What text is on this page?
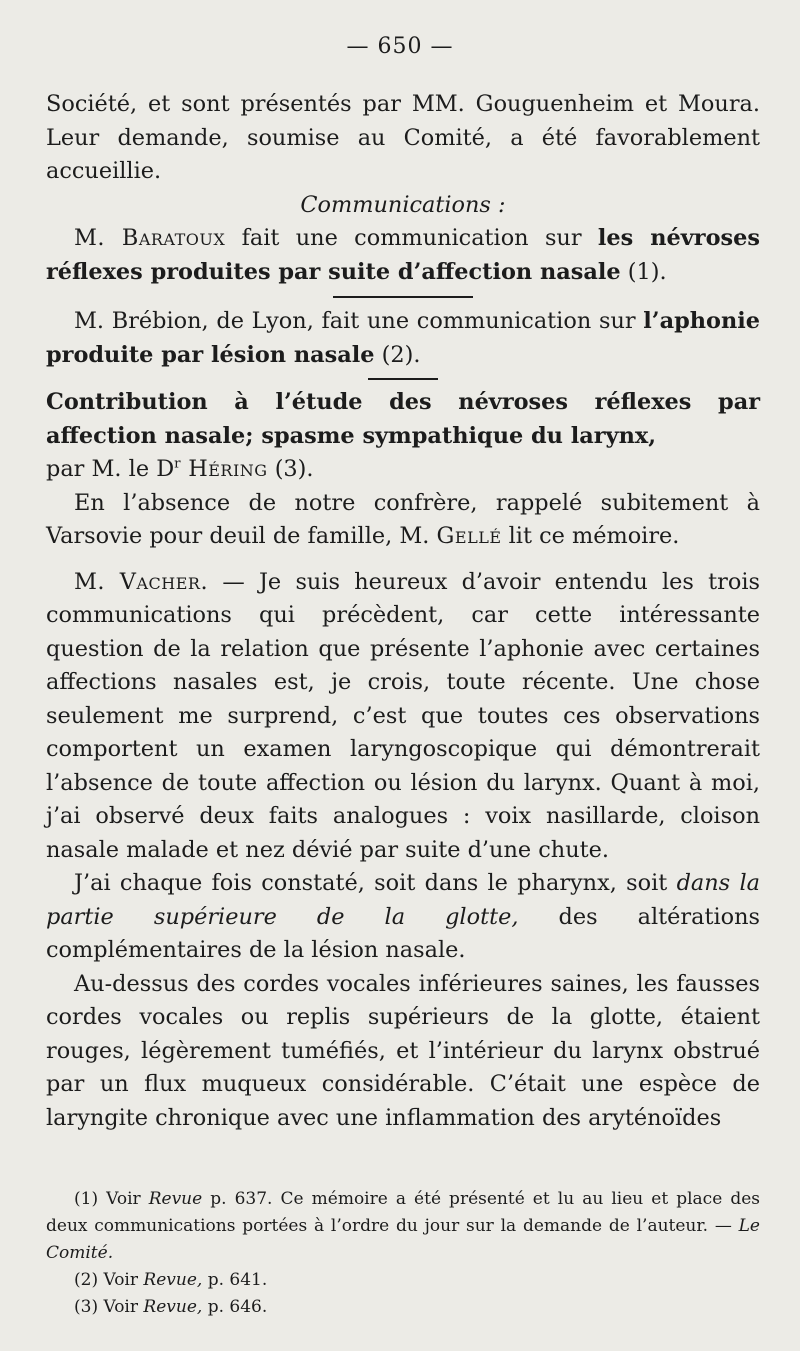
— 650 —

Société, et sont présentés par MM. Gouguenheim et Moura. Leur demande, soumise au Comité, a été favorablement accueillie.

Communications :

M. Baratoux fait une communication sur les névroses réflexes produites par suite d’affection nasale (1).

M. Brébion, de Lyon, fait une communication sur l’aphonie produite par lésion nasale (2).

Contribution à l’étude des névroses réflexes par affection nasale; spasme sympathique du larynx,

par M. le $D^r$ Héring (3).

En l’absence de notre confrère, rappelé subitement à Varsovie pour deuil de famille, M. Gellé lit ce mémoire.

M. Vacher. — Je suis heureux d’avoir entendu les trois communications qui précèdent, car cette intéressante question de la relation que présente l’aphonie avec certaines affections nasales est, je crois, toute récente. Une chose seulement me surprend, c’est que toutes ces observations comportent un examen laryngoscopique qui démontrerait l’absence de toute affection ou lésion du larynx. Quant à moi, j’ai observé deux faits analogues : voix nasillarde, cloison nasale malade et nez dévié par suite d’une chute.

J’ai chaque fois constaté, soit dans le pharynx, soit dans la partie supérieure de la glotte, des altérations complémentaires de la lésion nasale.

Au-dessus des cordes vocales inférieures saines, les fausses cordes vocales ou replis supérieurs de la glotte, étaient rouges, légèrement tuméfiés, et l’intérieur du larynx obstrué par un flux muqueux considérable. C’était une espèce de laryngite chronique avec une inflammation des aryténoïdes

(1) Voir Revue p. 637. Ce mémoire a été présenté et lu au lieu et place des deux communications portées à l’ordre du jour sur la demande de l’auteur. — Le Comité.

(2) Voir Revue, p. 641.

(3) Voir Revue, p. 646.
